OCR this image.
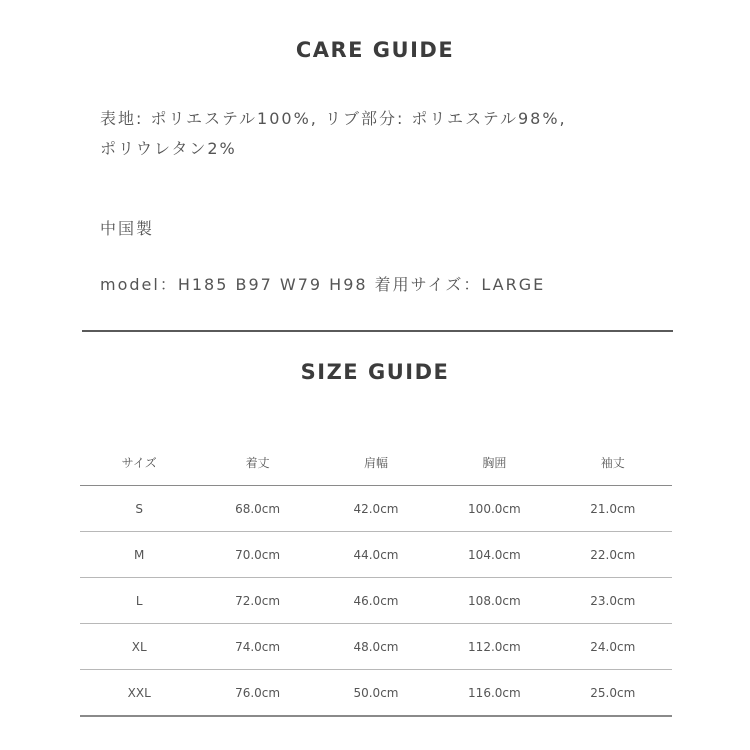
CARE GUIDE
表地: ポリエステル100%, リブ部分: ポリエステル98%,
ポリウレタン2%
中国製
model：H185 B97 W79 H98 着用サイズ：LARGE
SIZE GUIDE
サイズ	着丈	肩幅	胸囲	袖丈
S	68.0cm	42.0cm	100.0cm	21.0cm
M	70.0cm	44.0cm	104.0cm	22.0cm
L	72.0cm	46.0cm	108.0cm	23.0cm
XL	74.0cm	48.0cm	112.0cm	24.0cm
XXL	76.0cm	50.0cm	116.0cm	25.0cm
